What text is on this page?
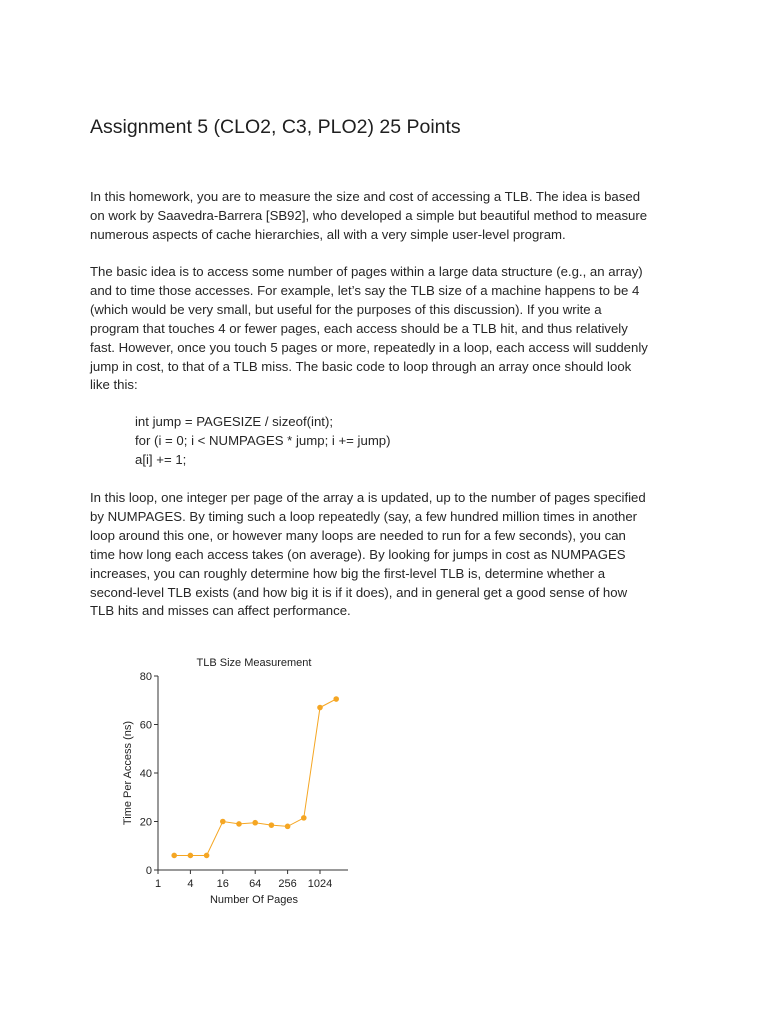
Assignment 5 (CLO2, C3, PLO2) 25 Points
In this homework, you are to measure the size and cost of accessing a TLB. The idea is based
on work by Saavedra-Barrera [SB92], who developed a simple but beautiful method to measure
numerous aspects of cache hierarchies, all with a very simple user-level program.
The basic idea is to access some number of pages within a large data structure (e.g., an array)
and to time those accesses. For example, let’s say the TLB size of a machine happens to be 4
(which would be very small, but useful for the purposes of this discussion). If you write a
program that touches 4 or fewer pages, each access should be a TLB hit, and thus relatively
fast. However, once you touch 5 pages or more, repeatedly in a loop, each access will suddenly
jump in cost, to that of a TLB miss. The basic code to loop through an array once should look
like this:
int jump = PAGESIZE / sizeof(int);
for (i = 0; i < NUMPAGES * jump; i += jump)
a[i] += 1;
In this loop, one integer per page of the array a is updated, up to the number of pages specified
by NUMPAGES. By timing such a loop repeatedly (say, a few hundred million times in another
loop around this one, or however many loops are needed to run for a few seconds), you can
time how long each access takes (on average). By looking for jumps in cost as NUMPAGES
increases, you can roughly determine how big the first-level TLB is, determine whether a
second-level TLB exists (and how big it is if it does), and in general get a good sense of how
TLB hits and misses can affect performance.
TLB Size Measurement
Time Per Access (ns)
Number Of Pages
0
20
40
60
80
1 4 16 64 256 1024
